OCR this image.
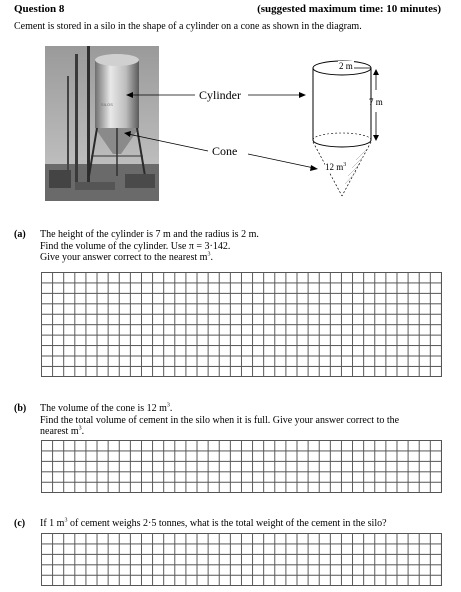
Question 8	(suggested maximum time: 10 minutes)
Cement is stored in a silo in the shape of a cylinder on a cone as shown in the diagram.
SILOS
Cylinder
Cone
2 m
7 m
12 $m^3$
(a) The height of the cylinder is 7 m and the radius is 2 m.
Find the volume of the cylinder. Use π = 3·142.
Give your answer correct to the nearest $m^3$.
(b) The volume of the cone is 12 $m^3$.
Find the total volume of cement in the silo when it is full. Give your answer correct to the
nearest $m^3$.
(c) If 1 $m^3$ of cement weighs 2·5 tonnes, what is the total weight of the cement in the silo?
